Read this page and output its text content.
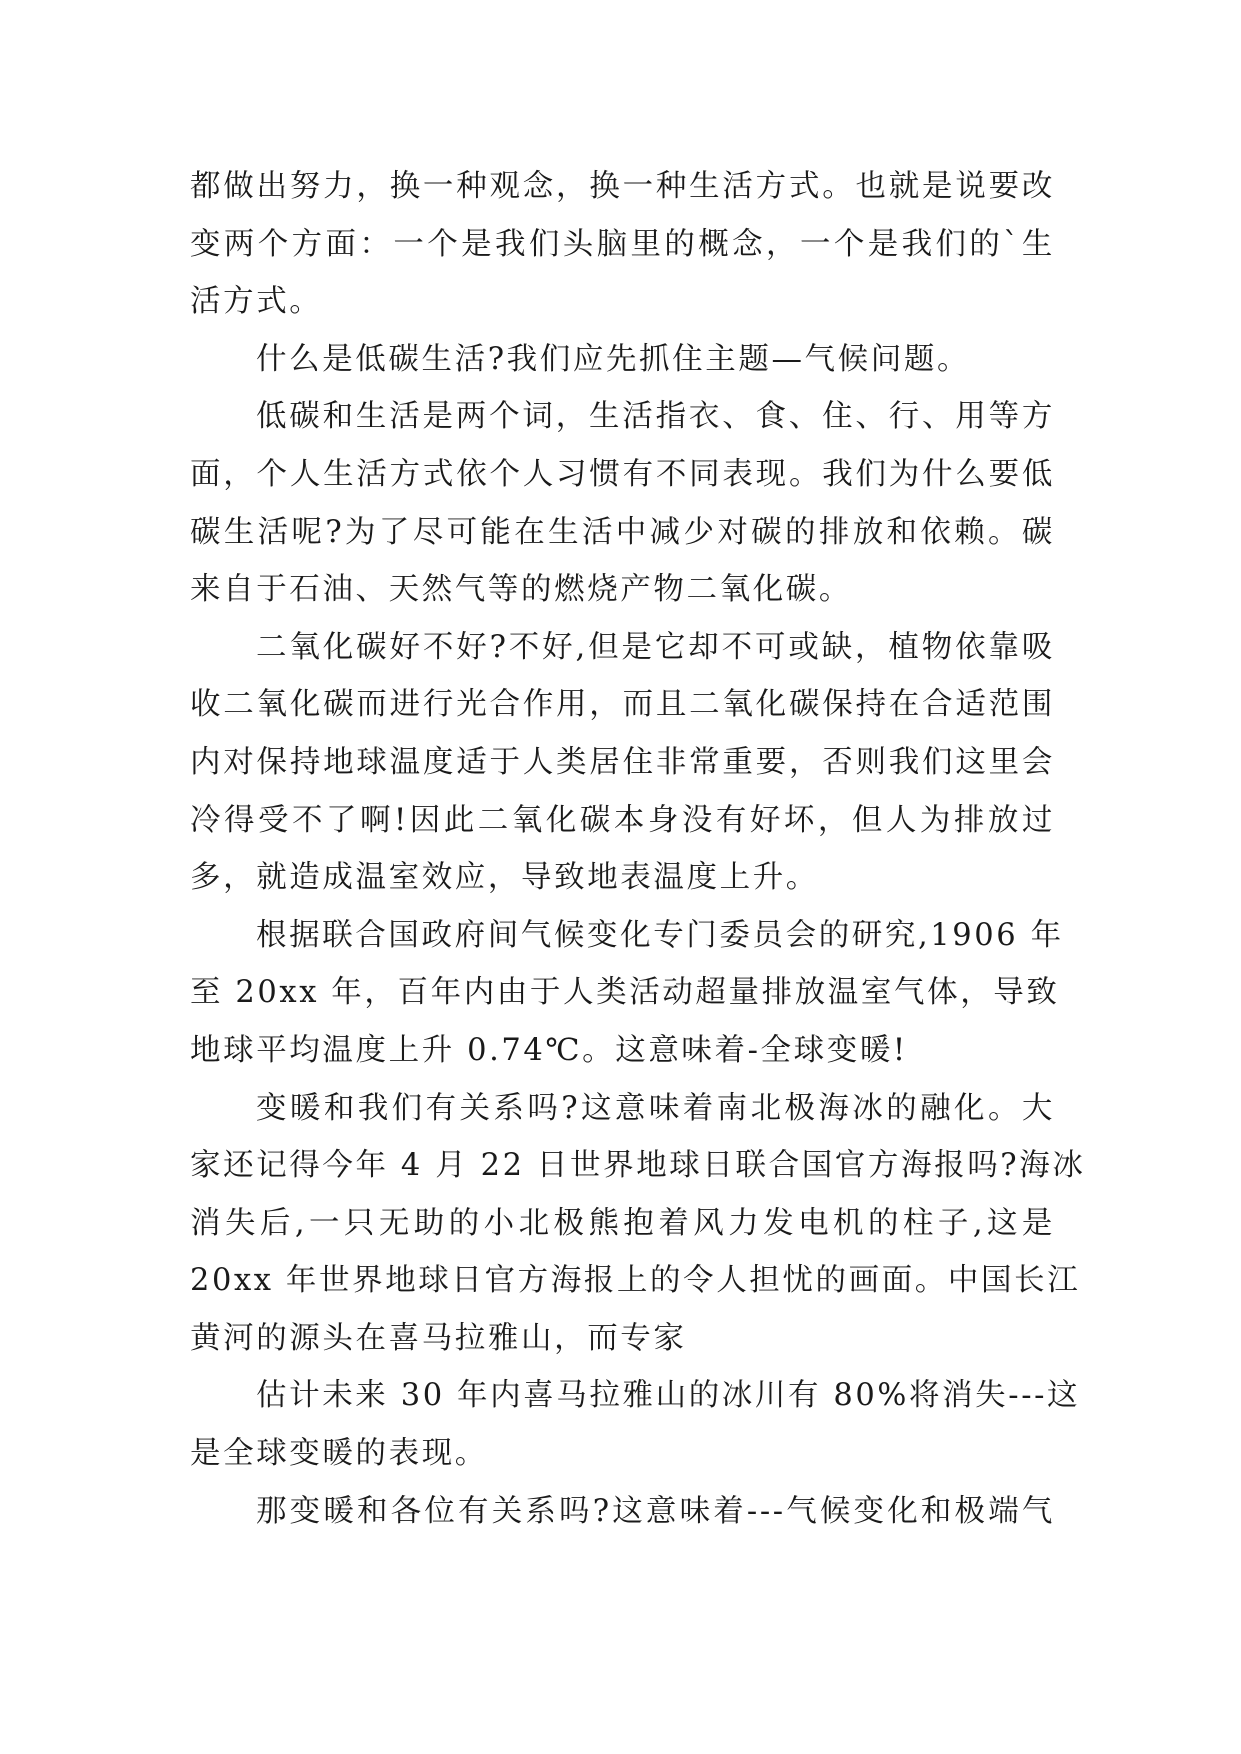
都做出努力，换一种观念，换一种生活方式。也就是说要改
变两个方面：一个是我们头脑里的概念，一个是我们的`生
活方式。
什么是低碳生活?我们应先抓住主题—气候问题。
低碳和生活是两个词，生活指衣、食、住、行、用等方
面，个人生活方式依个人习惯有不同表现。我们为什么要低
碳生活呢?为了尽可能在生活中减少对碳的排放和依赖。碳
来自于石油、天然气等的燃烧产物二氧化碳。
二氧化碳好不好?不好,但是它却不可或缺，植物依靠吸
收二氧化碳而进行光合作用，而且二氧化碳保持在合适范围
内对保持地球温度适于人类居住非常重要，否则我们这里会
冷得受不了啊!因此二氧化碳本身没有好坏，但人为排放过
多，就造成温室效应，导致地表温度上升。
根据联合国政府间气候变化专门委员会的研究,1906 年
至 20xx 年，百年内由于人类活动超量排放温室气体，导致
地球平均温度上升 0.74℃。这意味着-全球变暖!
变暖和我们有关系吗?这意味着南北极海冰的融化。大
家还记得今年 4 月 22 日世界地球日联合国官方海报吗?海冰
消失后,一只无助的小北极熊抱着风力发电机的柱子,这是
20xx 年世界地球日官方海报上的令人担忧的画面。中国长江
黄河的源头在喜马拉雅山，而专家
估计未来 30 年内喜马拉雅山的冰川有 80%将消失---这
是全球变暖的表现。
那变暖和各位有关系吗?这意味着---气候变化和极端气
